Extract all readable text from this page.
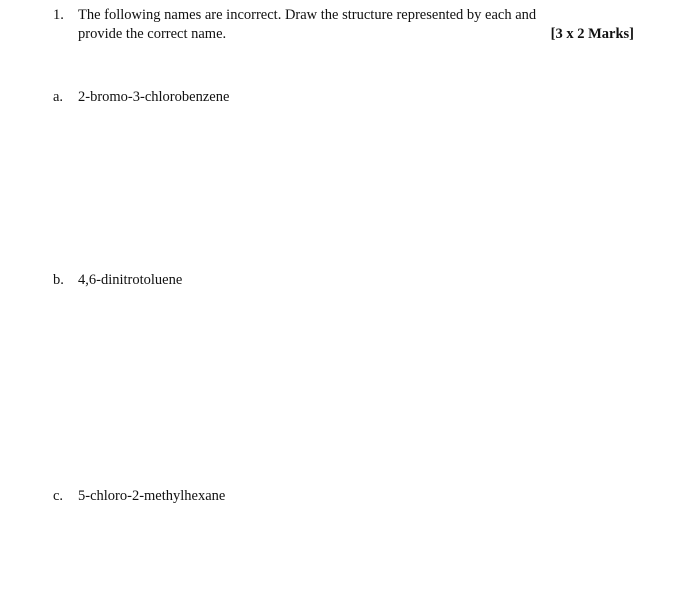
1. The following names are incorrect. Draw the structure represented by each and
provide the correct name.	[3 x 2 Marks]
a.	2-bromo-3-chlorobenzene
b. 4,6-dinitrotoluene
c.	5-chloro-2-methylhexane
